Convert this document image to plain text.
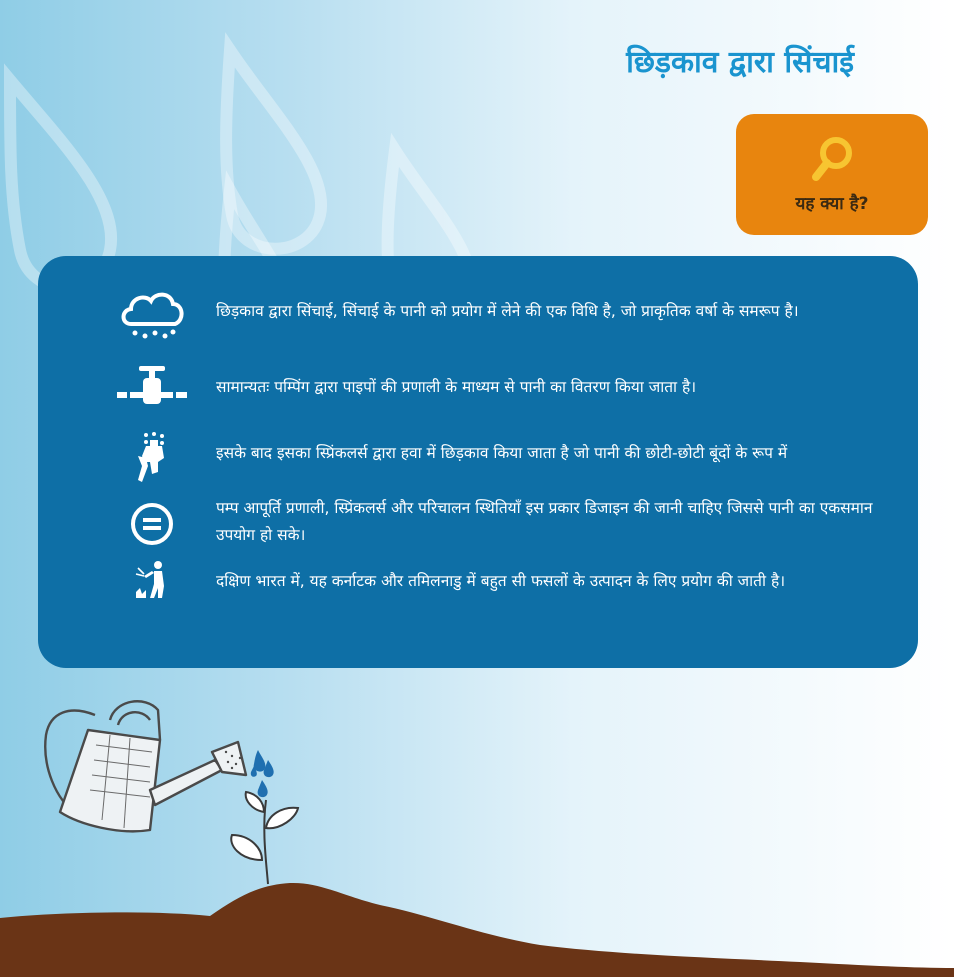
छिड़काव द्वारा सिंचाई
यह क्या है?
छिड़काव द्वारा सिंचाई, सिंचाई के पानी को प्रयोग में लेने की एक विधि है, जो प्राकृतिक वर्षा के समरूप है।
सामान्यतः पम्पिंग द्वारा पाइपों की प्रणाली के माध्यम से पानी का वितरण किया जाता है।
इसके बाद इसका स्प्रिंकलर्स द्वारा हवा में छिड़काव किया जाता है जो पानी की छोटी-छोटी बूंदों के रूप में
पम्प आपूर्ति प्रणाली, स्प्रिंकलर्स और परिचालन स्थितियाँ इस प्रकार डिजाइन की जानी चाहिए जिससे पानी का एकसमान उपयोग हो सके।
दक्षिण भारत में, यह कर्नाटक और तमिलनाडु में बहुत सी फसलों के उत्पादन के लिए प्रयोग की जाती है।
